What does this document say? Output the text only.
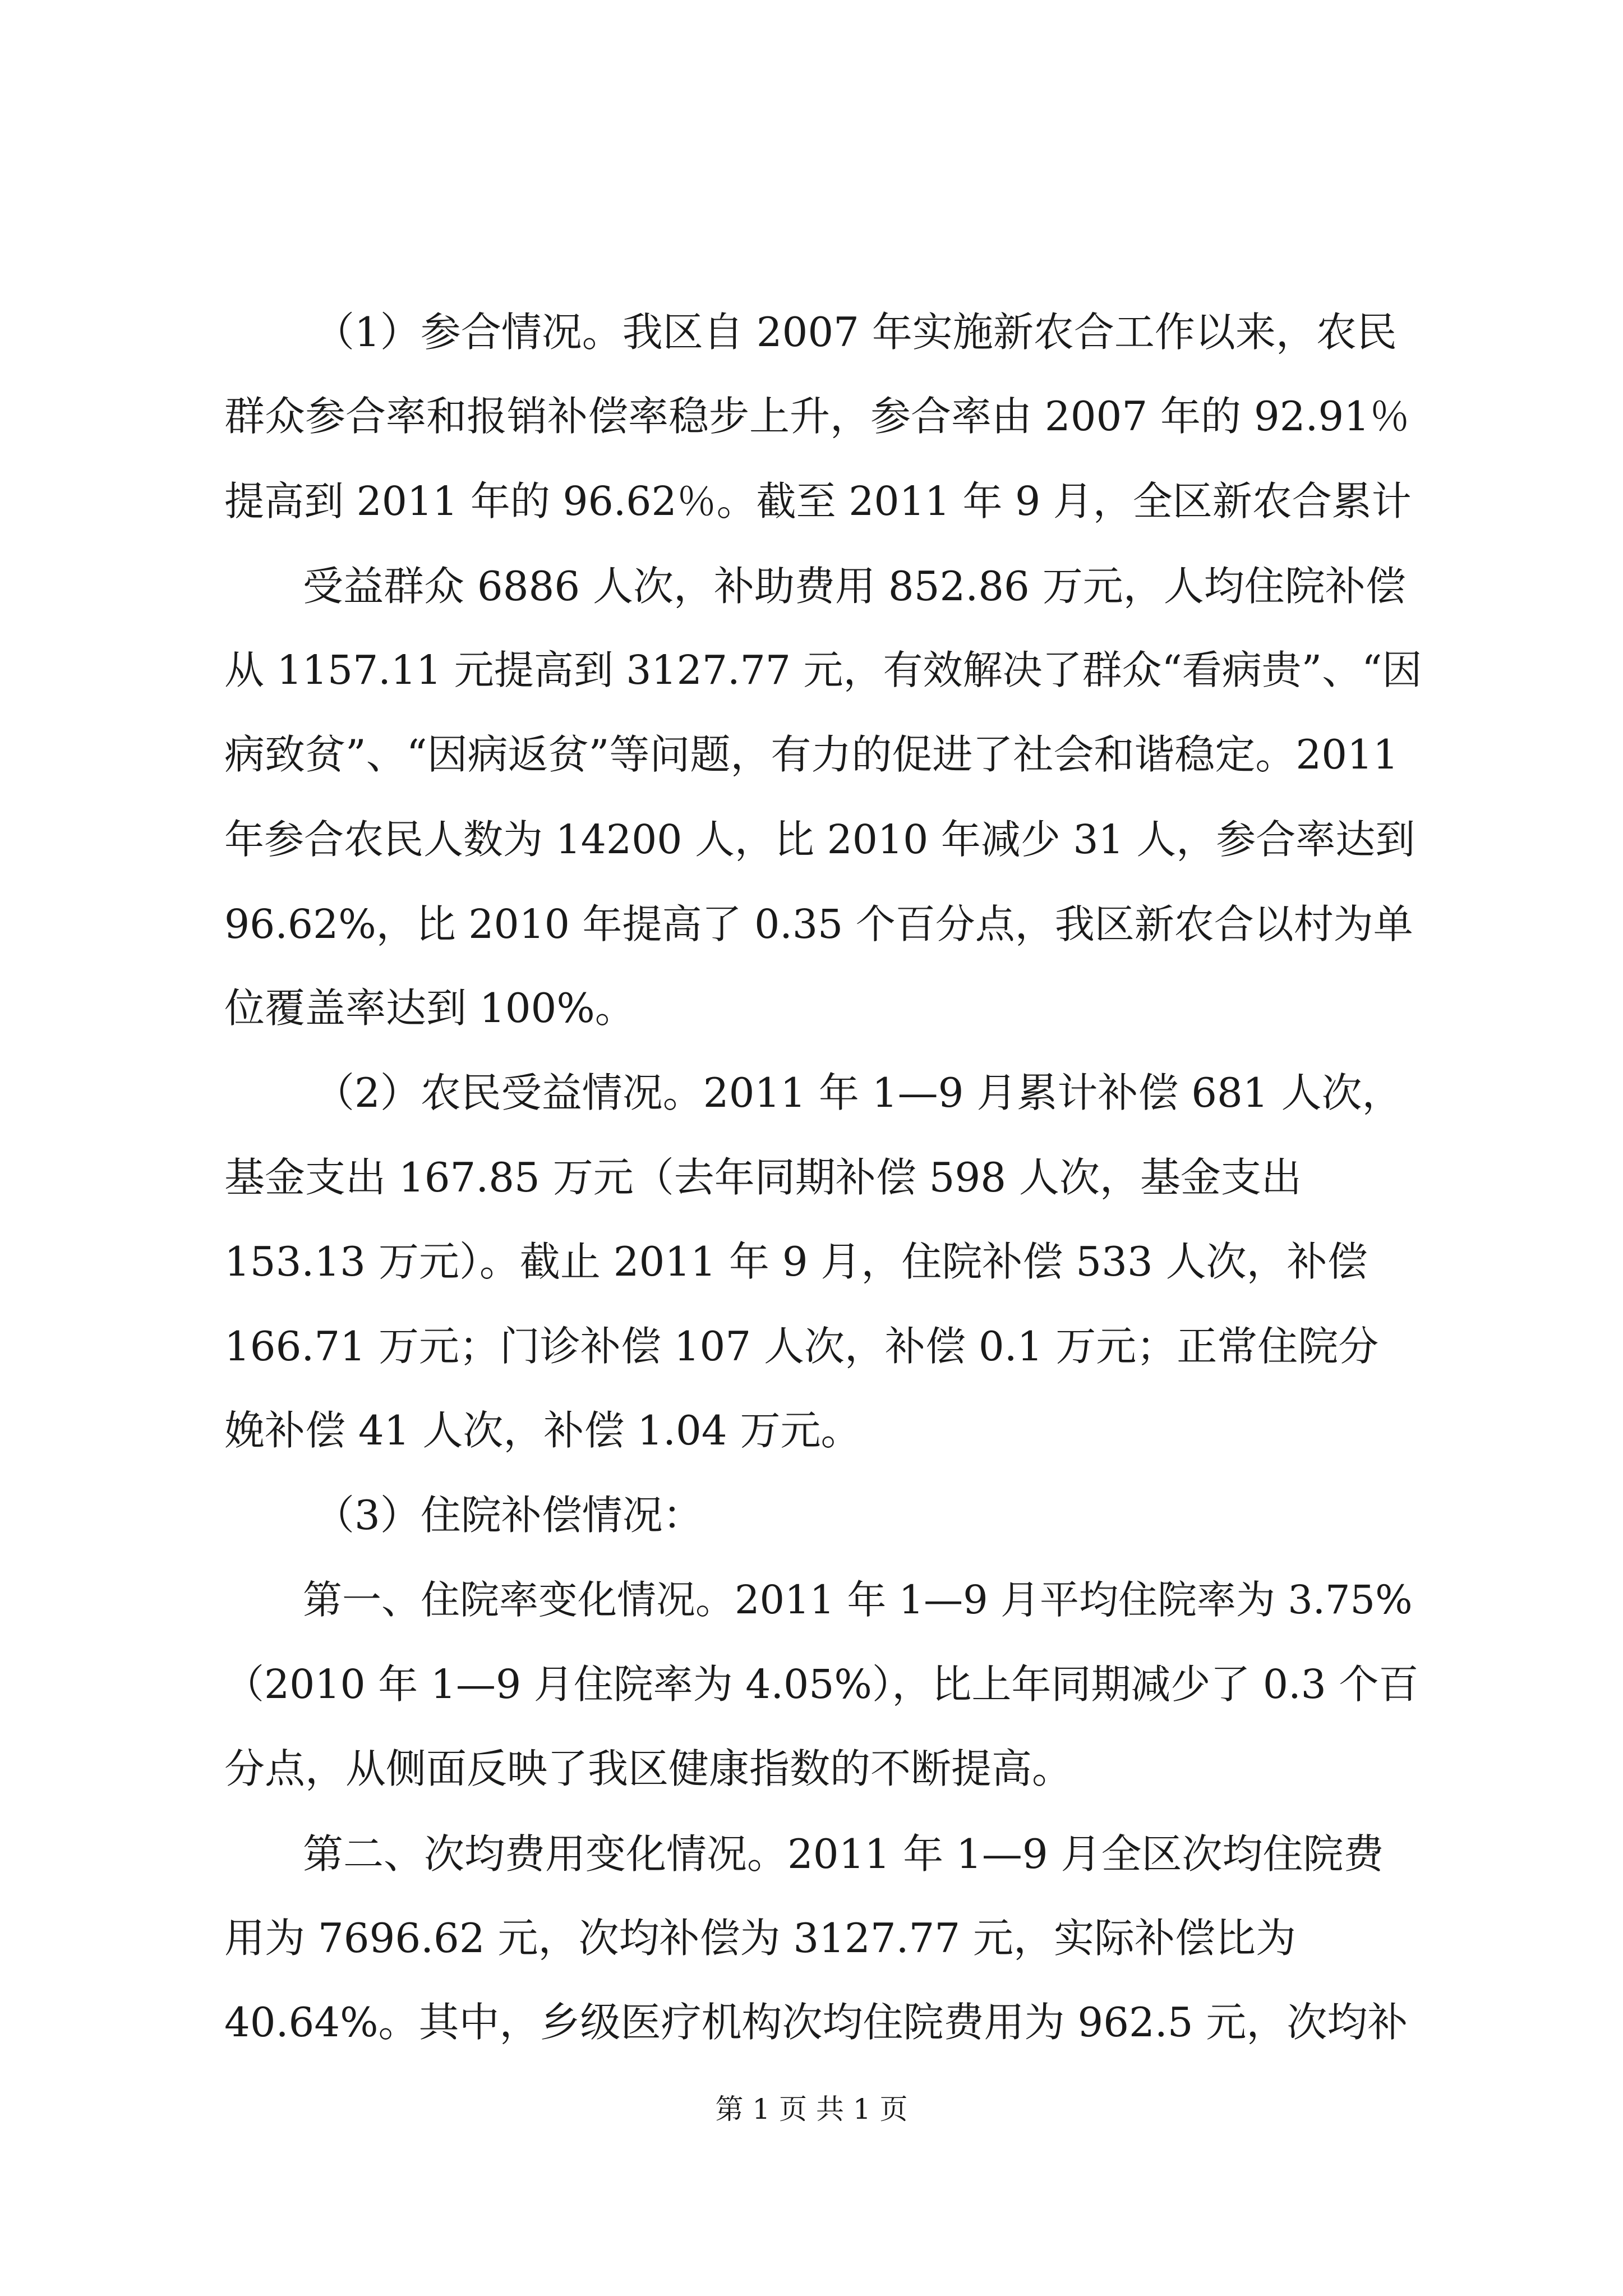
（1）参合情况。我区自 2007 年实施新农合工作以来，农民
群众参合率和报销补偿率稳步上升，参合率由 2007 年的 92.91％
提高到 2011 年的 96.62％。截至 2011 年 9 月，全区新农合累计
受益群众 6886 人次，补助费用 852.86 万元，人均住院补偿
从 1157.11 元提高到 3127.77 元，有效解决了群众“看病贵”、“因
病致贫”、“因病返贫”等问题，有力的促进了社会和谐稳定。2011
年参合农民人数为 14200 人，比 2010 年减少 31 人，参合率达到
96.62%，比 2010 年提高了 0.35 个百分点，我区新农合以村为单
位覆盖率达到 100%。
（2）农民受益情况。2011 年 1—9 月累计补偿 681 人次，
基金支出 167.85 万元（去年同期补偿 598 人次，基金支出
153.13 万元）。截止 2011 年 9 月，住院补偿 533 人次，补偿
166.71 万元；门诊补偿 107 人次，补偿 0.1 万元；正常住院分
娩补偿 41 人次，补偿 1.04 万元。
（3）住院补偿情况：
第一、住院率变化情况。2011 年 1—9 月平均住院率为 3.75%
（2010 年 1—9 月住院率为 4.05%），比上年同期减少了 0.3 个百
分点，从侧面反映了我区健康指数的不断提高。
第二、次均费用变化情况。2011 年 1—9 月全区次均住院费
用为 7696.62 元，次均补偿为 3127.77 元，实际补偿比为
40.64%。其中，乡级医疗机构次均住院费用为 962.5 元，次均补
第 1 页 共 1 页
